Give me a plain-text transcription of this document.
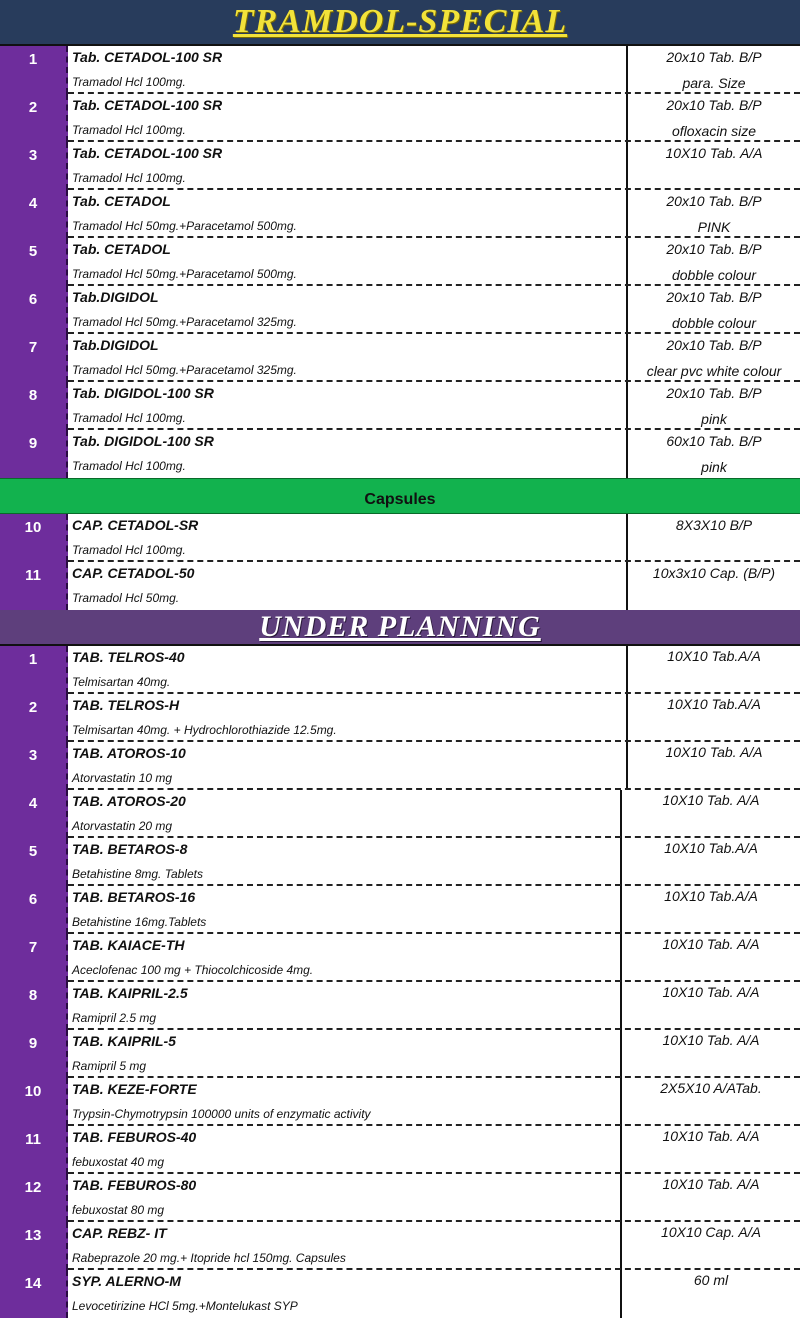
TRAMDOL-SPECIAL
1	Tab. CETADOL-100 SR
Tramadol Hcl 100mg.
20x10 Tab. B/P
para. Size
2	Tab. CETADOL-100 SR
Tramadol Hcl 100mg.
20x10 Tab. B/P
ofloxacin size
3	Tab. CETADOL-100 SR
Tramadol Hcl 100mg.
10X10 Tab. A/A
4	Tab. CETADOL
Tramadol Hcl 50mg.+Paracetamol 500mg.
20x10 Tab. B/P
PINK
5	Tab. CETADOL
Tramadol Hcl 50mg.+Paracetamol 500mg.
20x10 Tab. B/P
dobble colour
6	Tab.DIGIDOL
Tramadol Hcl 50mg.+Paracetamol 325mg.
20x10 Tab. B/P
dobble colour
7	Tab.DIGIDOL
Tramadol Hcl 50mg.+Paracetamol 325mg.
20x10 Tab. B/P
clear pvc white colour
8	Tab. DIGIDOL-100 SR
Tramadol Hcl 100mg.
20x10 Tab. B/P
pink
9	Tab. DIGIDOL-100 SR
Tramadol Hcl 100mg.
60x10 Tab. B/P
pink
Capsules
10	CAP. CETADOL-SR
Tramadol Hcl 100mg.
8X3X10 B/P
11	CAP. CETADOL-50
Tramadol Hcl 50mg.
10x3x10 Cap. (B/P)
UNDER PLANNING
1	TAB. TELROS-40
Telmisartan 40mg.
10X10 Tab.A/A
2	TAB. TELROS-H
Telmisartan 40mg. + Hydrochlorothiazide 12.5mg.
10X10 Tab.A/A
3	TAB. ATOROS-10
Atorvastatin 10 mg
10X10 Tab. A/A
4	TAB. ATOROS-20
Atorvastatin 20 mg
10X10 Tab. A/A
5	TAB. BETAROS-8
Betahistine 8mg. Tablets
10X10 Tab.A/A
6	TAB. BETAROS-16
Betahistine 16mg.Tablets
10X10 Tab.A/A
7	TAB. KAIACE-TH
Aceclofenac 100 mg + Thiocolchicoside 4mg.
10X10 Tab. A/A
8	TAB. KAIPRIL-2.5
Ramipril 2.5 mg
10X10 Tab. A/A
9	TAB. KAIPRIL-5
Ramipril 5 mg
10X10 Tab. A/A
10	TAB. KEZE-FORTE
Trypsin-Chymotrypsin 100000 units of enzymatic activity
2X5X10 A/ATab.
11	TAB. FEBUROS-40
febuxostat 40 mg
10X10 Tab. A/A
12	TAB. FEBUROS-80
febuxostat 80 mg
10X10 Tab. A/A
13	CAP. REBZ- IT
Rabeprazole 20 mg.+ Itopride hcl 150mg. Capsules
10X10 Cap. A/A
14	SYP. ALERNO-M
Levocetirizine HCl 5mg.+Montelukast SYP
60 ml
